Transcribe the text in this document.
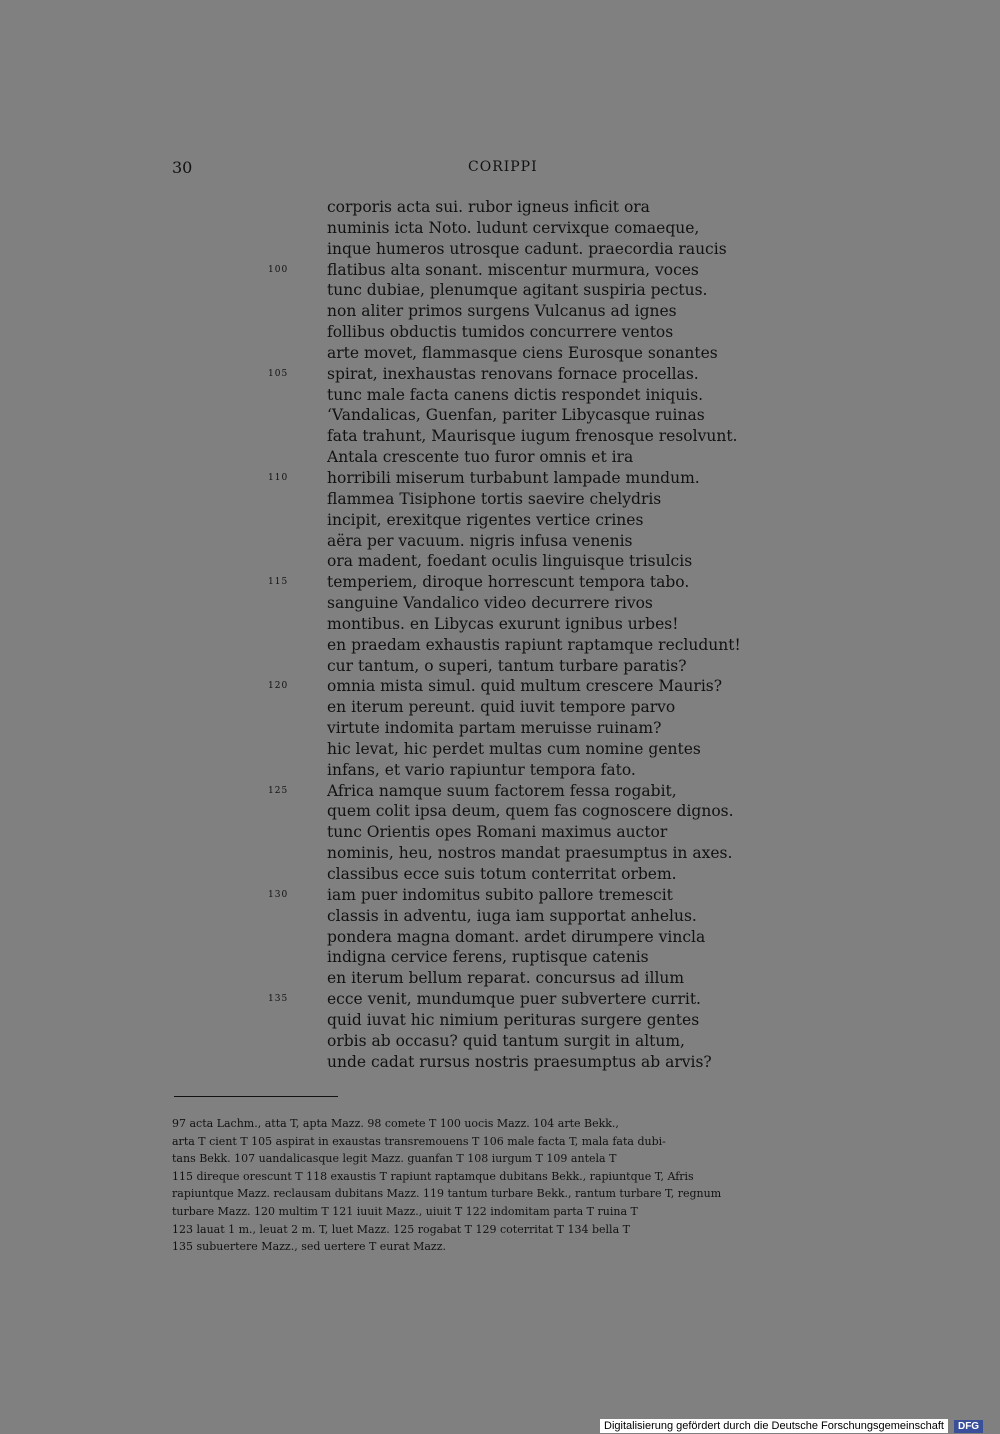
30	CORIPPI
corporis acta sui. rubor igneus inficit ora
numinis icta Noto. ludunt cervixque comaeque,
inque humeros utrosque cadunt. praecordia raucis
100	flatibus alta sonant. miscentur murmura, voces
tunc dubiae, plenumque agitant suspiria pectus.
non aliter primos surgens Vulcanus ad ignes
follibus obductis tumidos concurrere ventos
arte movet, flammasque ciens Eurosque sonantes
105	spirat, inexhaustas renovans fornace procellas.
tunc male facta canens dictis respondet iniquis.
‘Vandalicas, Guenfan, pariter Libycasque ruinas
fata trahunt, Maurisque iugum frenosque resolvunt.
Antala crescente tuo furor omnis et ira
110	horribili miserum turbabunt lampade mundum.
flammea Tisiphone tortis saevire chelydris
incipit, erexitque rigentes vertice crines
aëra per vacuum. nigris infusa venenis
ora madent, foedant oculis linguisque trisulcis
115	temperiem, diroque horrescunt tempora tabo.
sanguine Vandalico video decurrere rivos
montibus. en Libycas exurunt ignibus urbes!
en praedam exhaustis rapiunt raptamque recludunt!
cur tantum, o superi, tantum turbare paratis?
120	omnia mista simul. quid multum crescere Mauris?
en iterum pereunt. quid iuvit tempore parvo
virtute indomita partam meruisse ruinam?
hic levat, hic perdet multas cum nomine gentes
infans, et vario rapiuntur tempora fato.
125	Africa namque suum factorem fessa rogabit,
quem colit ipsa deum, quem fas cognoscere dignos.
tunc Orientis opes Romani maximus auctor
nominis, heu, nostros mandat praesumptus in axes.
classibus ecce suis totum conterritat orbem.
130	iam puer indomitus subito pallore tremescit
classis in adventu, iuga iam supportat anhelus.
pondera magna domant. ardet dirumpere vincla
indigna cervice ferens, ruptisque catenis
en iterum bellum reparat. concursus ad illum
135	ecce venit, mundumque puer subvertere currit.
quid iuvat hic nimium perituras surgere gentes
orbis ab occasu? quid tantum surgit in altum,
unde cadat rursus nostris praesumptus ab arvis?
97 acta Lachm., atta T, apta Mazz. 98 comete T 100 uocis Mazz. 104 arte Bekk.,
arta T cient T 105 aspirat in exaustas transremouens T 106 male facta T, mala fata dubi-
tans Bekk. 107 uandalicasque legit Mazz. guanfan T 108 iurgum T 109 antela T
115 direque orescunt T 118 exaustis T rapiunt raptamque dubitans Bekk., rapiuntque T, Afris
rapiuntque Mazz. reclausam dubitans Mazz. 119 tantum turbare Bekk., rantum turbare T, regnum
turbare Mazz. 120 multim T 121 iuuit Mazz., uiuit T 122 indomitam parta T ruina T
123 lauat 1 m., leuat 2 m. T, luet Mazz. 125 rogabat T 129 coterritat T 134 bella T
135 subuertere Mazz., sed uertere T eurat Mazz.
Digitalisierung gefördert durch die Deutsche Forschungsgemeinschaft	DFG
